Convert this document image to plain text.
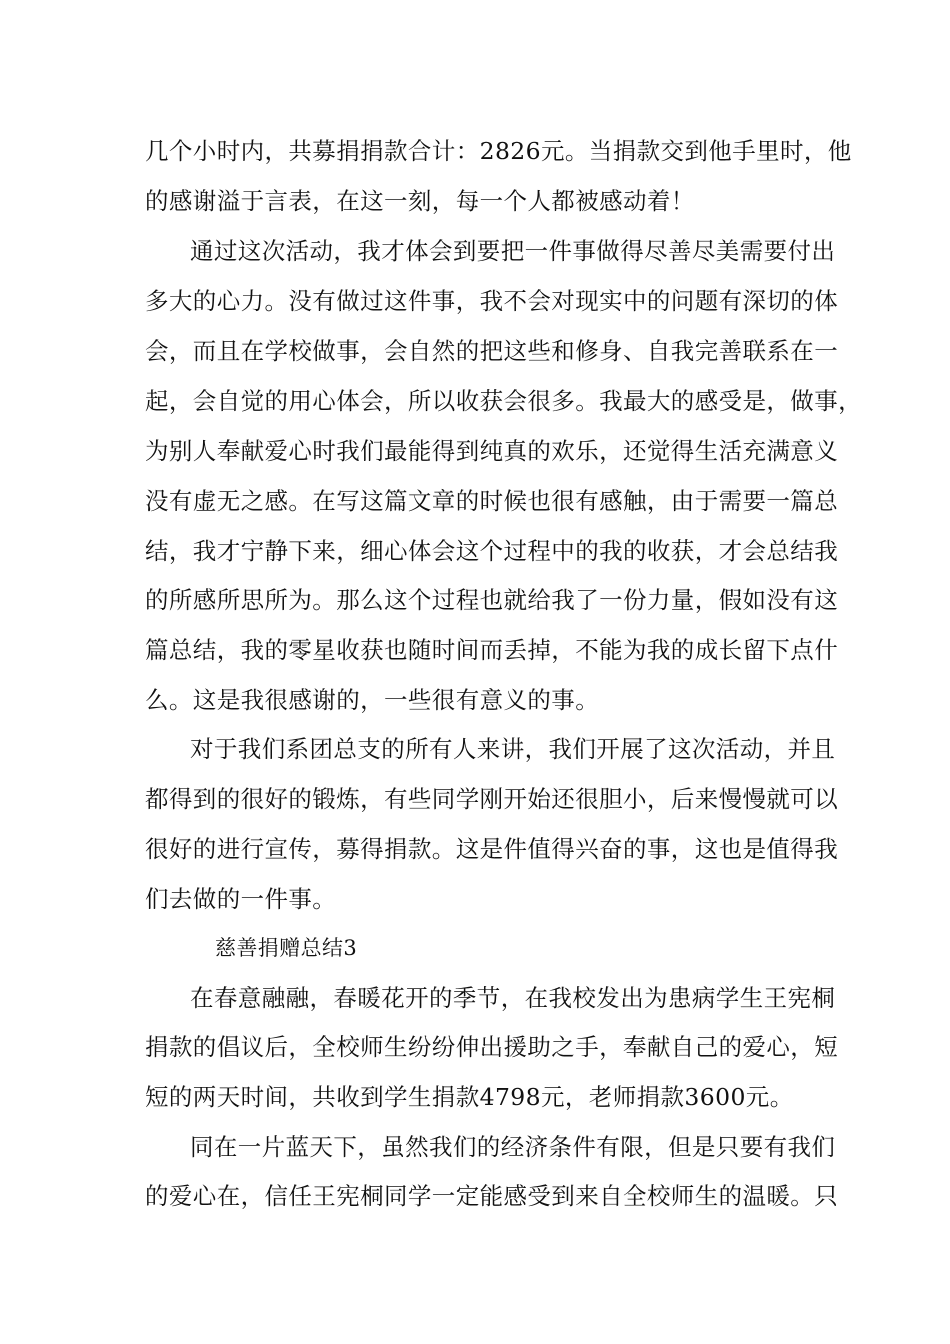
几个小时内，共募捐捐款合计：2826元。当捐款交到他手里时，他
的感谢溢于言表，在这一刻，每一个人都被感动着！
通过这次活动，我才体会到要把一件事做得尽善尽美需要付出
多大的心力。没有做过这件事，我不会对现实中的问题有深切的体
会，而且在学校做事，会自然的把这些和修身、自我完善联系在一
起，会自觉的用心体会，所以收获会很多。我最大的感受是，做事，
为别人奉献爱心时我们最能得到纯真的欢乐，还觉得生活充满意义
没有虚无之感。在写这篇文章的时候也很有感触，由于需要一篇总
结，我才宁静下来，细心体会这个过程中的我的收获，才会总结我
的所感所思所为。那么这个过程也就给我了一份力量，假如没有这
篇总结，我的零星收获也随时间而丢掉，不能为我的成长留下点什
么。这是我很感谢的，一些很有意义的事。
对于我们系团总支的所有人来讲，我们开展了这次活动，并且
都得到的很好的锻炼，有些同学刚开始还很胆小，后来慢慢就可以
很好的进行宣传，募得捐款。这是件值得兴奋的事，这也是值得我
们去做的一件事。
慈善捐赠总结3
在春意融融，春暖花开的季节，在我校发出为患病学生王宪桐
捐款的倡议后，全校师生纷纷伸出援助之手，奉献自己的爱心，短
短的两天时间，共收到学生捐款4798元，老师捐款3600元。
同在一片蓝天下，虽然我们的经济条件有限，但是只要有我们
的爱心在，信任王宪桐同学一定能感受到来自全校师生的温暖。只
